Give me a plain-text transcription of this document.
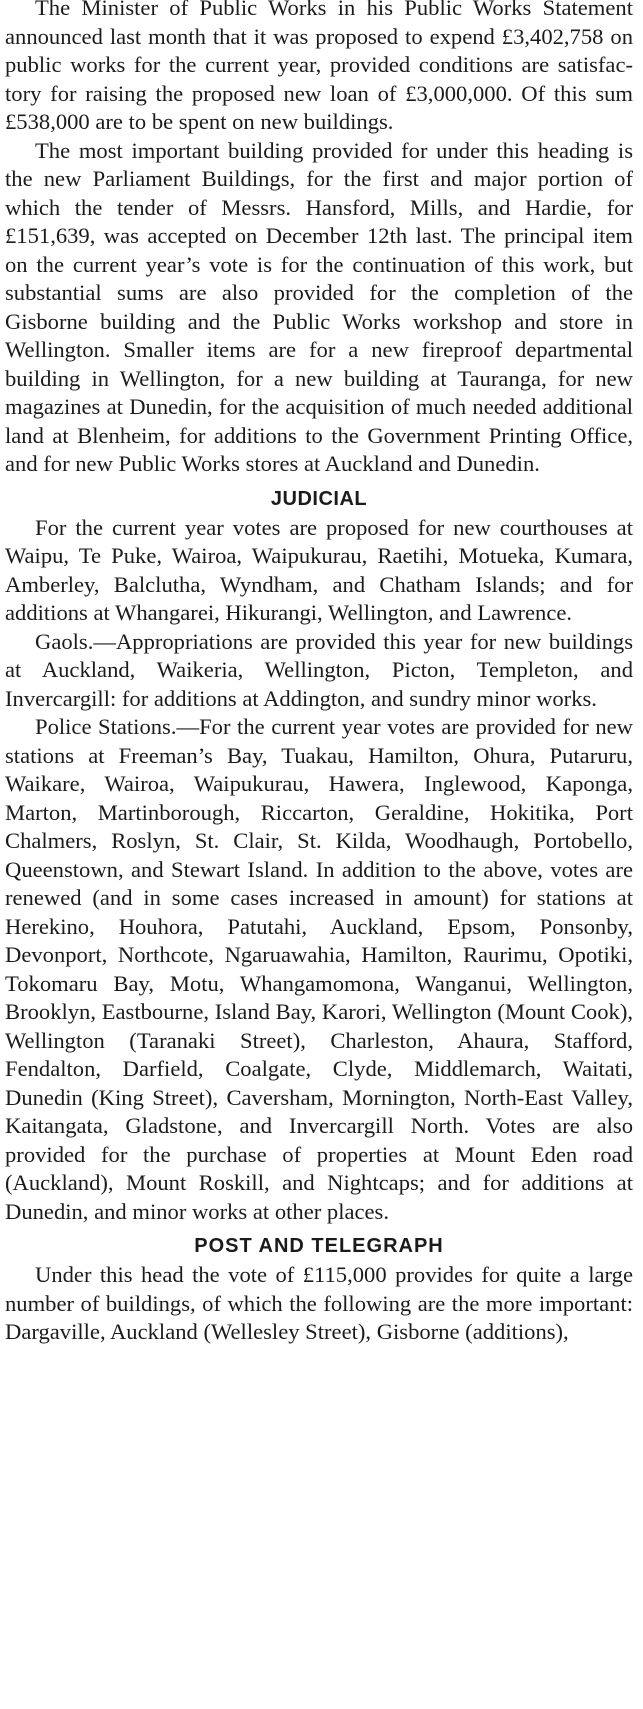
The Minister of Public Works in his Public Works Statement announced last month that it was proposed to expend £3,402,758 on public works for the current year, provided conditions are satisfactory for raising the proposed new loan of £3,000,000. Of this sum £538,000 are to be spent on new buildings.

The most important building provided for under this heading is the new Parliament Buildings, for the first and major portion of which the tender of Messrs. Hansford, Mills, and Hardie, for £151,639, was accepted on December 12th last. The principal item on the current year’s vote is for the continuation of this work, but substantial sums are also provided for the completion of the Gisborne building and the Public Works workshop and store in Wellington. Smaller items are for a new fireproof departmental building in Wellington, for a new building at Tauranga, for new magazines at Dunedin, for the acquisition of much needed additional land at Blenheim, for additions to the Government Printing Office, and for new Public Works stores at Auckland and Dunedin.

JUDICIAL

For the current year votes are proposed for new courthouses at Waipu, Te Puke, Wairoa, Waipukurau, Raetihi, Motueka, Kumara, Amberley, Balclutha, Wyndham, and Chatham Islands; and for additions at Whangarei, Hikurangi, Wellington, and Lawrence.

Gaols.—Appropriations are provided this year for new buildings at Auckland, Waikeria, Wellington, Picton, Templeton, and Invercargill: for additions at Addington, and sundry minor works.

Police Stations.—For the current year votes are provided for new stations at Freeman’s Bay, Tuakau, Hamilton, Ohura, Putaruru, Waikare, Wairoa, Waipukurau, Hawera, Inglewood, Kaponga, Marton, Martinborough, Riccarton, Geraldine, Hokitika, Port Chalmers, Roslyn, St. Clair, St. Kilda, Woodhaugh, Portobello, Queenstown, and Stewart Island. In addition to the above, votes are renewed (and in some cases increased in amount) for stations at Herekino, Houhora, Patutahi, Auckland, Epsom, Ponsonby, Devonport, Northcote, Ngaruawahia, Hamilton, Raurimu, Opotiki, Tokomaru Bay, Motu, Whangamomona, Wanganui, Wellington, Brooklyn, Eastbourne, Island Bay, Karori, Wellington (Mount Cook), Wellington (Taranaki Street), Charleston, Ahaura, Stafford, Fendalton, Darfield, Coalgate, Clyde, Middlemarch, Waitati, Dunedin (King Street), Caversham, Mornington, North-East Valley, Kaitangata, Gladstone, and Invercargill North. Votes are also provided for the purchase of properties at Mount Eden road (Auckland), Mount Roskill, and Nightcaps; and for additions at Dunedin, and minor works at other places.

POST AND TELEGRAPH

Under this head the vote of £115,000 provides for quite a large number of buildings, of which the following are the more important: Dargaville, Auckland (Wellesley Street), Gisborne (additions),
